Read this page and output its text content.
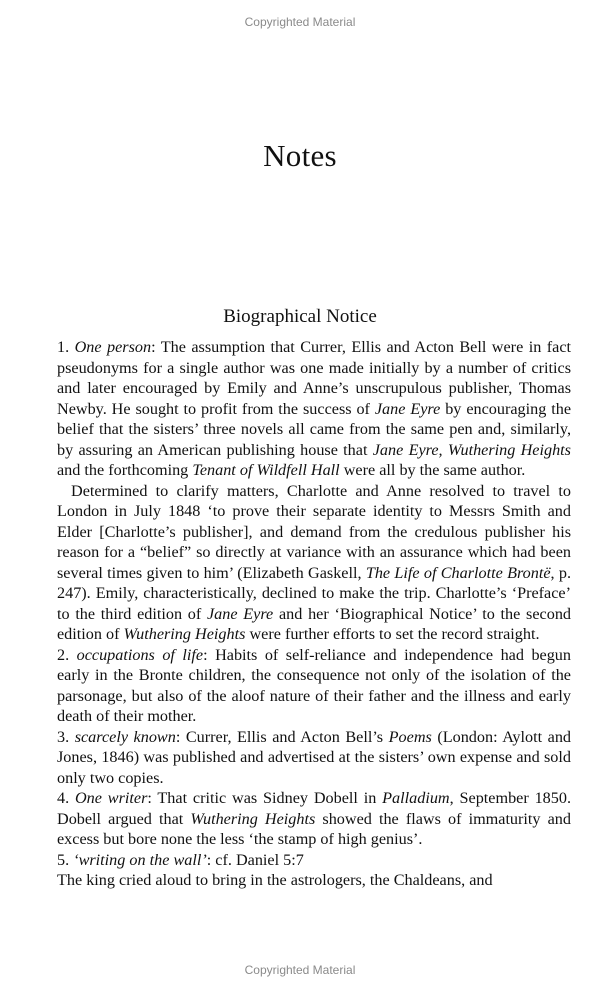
Copyrighted Material
Notes
Biographical Notice

1. One person: The assumption that Currer, Ellis and Acton Bell were in fact pseudonyms for a single author was one made initially by a number of critics and later encouraged by Emily and Anne’s unscrupulous publisher, Thomas Newby. He sought to profit from the success of Jane Eyre by encouraging the belief that the sisters’ three novels all came from the same pen and, similarly, by assuring an American publishing house that Jane Eyre, Wuthering Heights and the forthcoming Tenant of Wildfell Hall were all by the same author.

Determined to clarify matters, Charlotte and Anne resolved to travel to London in July 1848 ‘to prove their separate identity to Messrs Smith and Elder [Charlotte’s publisher], and demand from the credulous publisher his reason for a “belief” so directly at variance with an assurance which had been several times given to him’ (Elizabeth Gaskell, The Life of Charlotte Brontë, p. 247). Emily, characteristically, declined to make the trip. Charlotte’s ‘Preface’ to the third edition of Jane Eyre and her ‘Biographical Notice’ to the second edition of Wuthering Heights were further efforts to set the record straight.

2. occupations of life: Habits of self-reliance and independence had begun early in the Bronte children, the consequence not only of the isolation of the parsonage, but also of the aloof nature of their father and the illness and early death of their mother.

3. scarcely known: Currer, Ellis and Acton Bell’s Poems (London: Aylott and Jones, 1846) was published and advertised at the sisters’ own expense and sold only two copies.

4. One writer: That critic was Sidney Dobell in Palladium, September 1850. Dobell argued that Wuthering Heights showed the flaws of immaturity and excess but bore none the less ‘the stamp of high genius’.

5. ‘writing on the wall’: cf. Daniel 5:7

The king cried aloud to bring in the astrologers, the Chaldeans, and

Copyrighted Material
